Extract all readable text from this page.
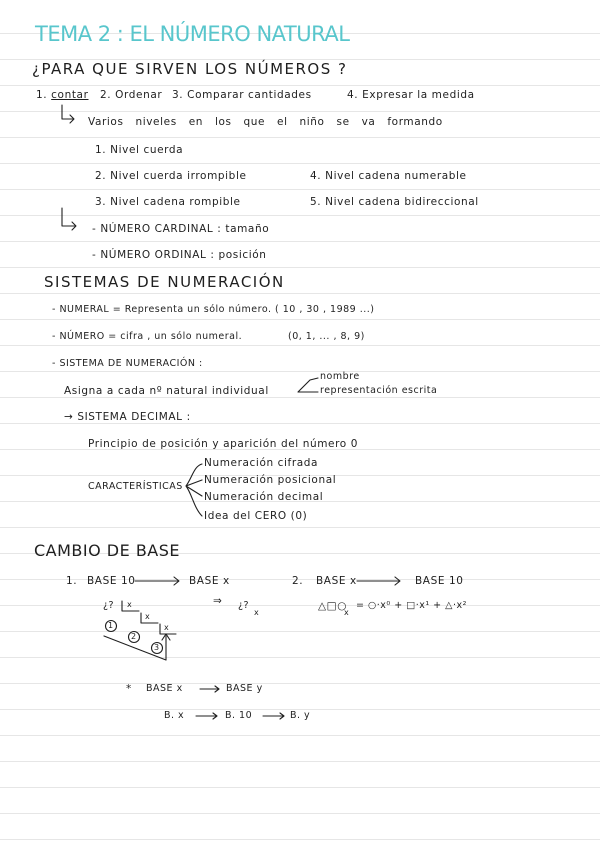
TEMA 2 : EL NÚMERO NATURAL
¿PARA QUE SIRVEN LOS NÚMEROS ?
1. contar 2. Ordenar 3. Comparar cantidades	4. Expresar la medida
Varios niveles en los que el niño se va formando
1. Nivel cuerda
2. Nivel cuerda irrompible
3. Nivel cadena rompible
4. Nivel cadena numerable
5. Nivel cadena bidireccional
- NÚMERO CARDINAL : tamaño
- NÚMERO ORDINAL : posición
SISTEMAS DE NUMERACIÓN
- NUMERAL = Representa un sólo número. ( 10 , 30 , 1989 ...)
- NÚMERO = cifra , un sólo numeral.	(0, 1, ... , 8, 9)
- SISTEMA DE NUMERACIÓN :
Asigna a cada nº natural individual
nombre
representación escrita
→ SISTEMA DECIMAL :
Principio de posición y aparición del número 0
CARACTERÍSTICAS
Numeración cifrada
Numeración posicional
Numeración decimal
Idea del CERO (0)
CAMBIO DE BASE
1. BASE 10	BASE x	2. BASE x	BASE 10
¿? x
x
x
1
2
3
⇒ ¿?
x
△□○
x
= ○·x⁰ + □·x¹ + △·x²
* BASE x	BASE y
B. x	B. 10	B. y
